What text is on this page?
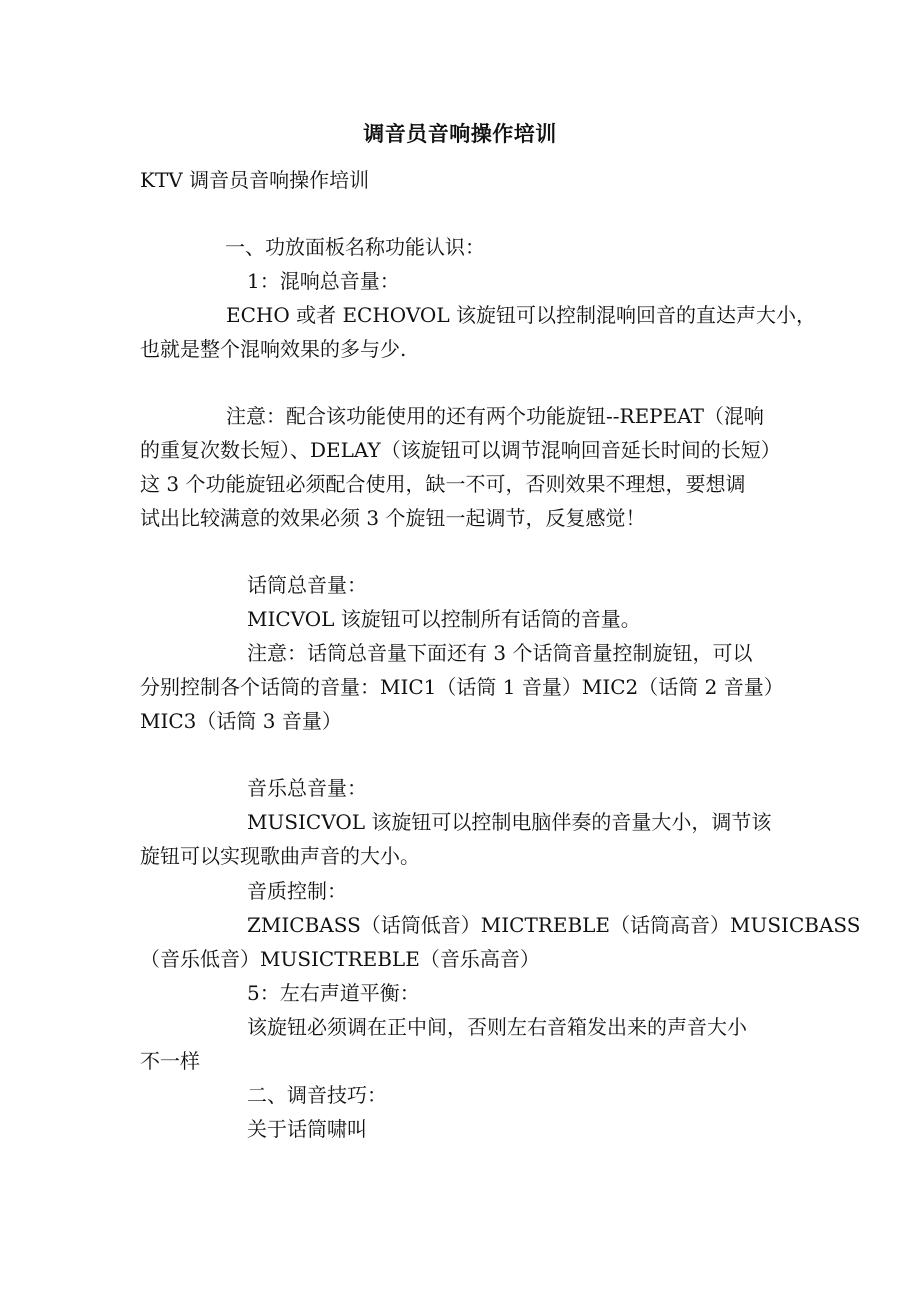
调音员音响操作培训
KTV 调音员音响操作培训
一、功放面板名称功能认识：
1：混响总音量：
ECHO 或者 ECHOVOL 该旋钮可以控制混响回音的直达声大小，
也就是整个混响效果的多与少.
注意：配合该功能使用的还有两个功能旋钮--REPEAT（混响
的重复次数长短）、DELAY（该旋钮可以调节混响回音延长时间的长短）
这 3 个功能旋钮必须配合使用，缺一不可，否则效果不理想，要想调
试出比较满意的效果必须 3 个旋钮一起调节，反复感觉！
话筒总音量：
MICVOL 该旋钮可以控制所有话筒的音量。
注意：话筒总音量下面还有 3 个话筒音量控制旋钮，可以
分别控制各个话筒的音量：MIC1（话筒 1 音量）MIC2（话筒 2 音量）
MIC3（话筒 3 音量）
音乐总音量：
MUSICVOL 该旋钮可以控制电脑伴奏的音量大小，调节该
旋钮可以实现歌曲声音的大小。
音质控制：
ZMICBASS（话筒低音）MICTREBLE（话筒高音）MUSICBASS
（音乐低音）MUSICTREBLE（音乐高音）
5：左右声道平衡：
该旋钮必须调在正中间，否则左右音箱发出来的声音大小
不一样
二、调音技巧：
关于话筒啸叫
